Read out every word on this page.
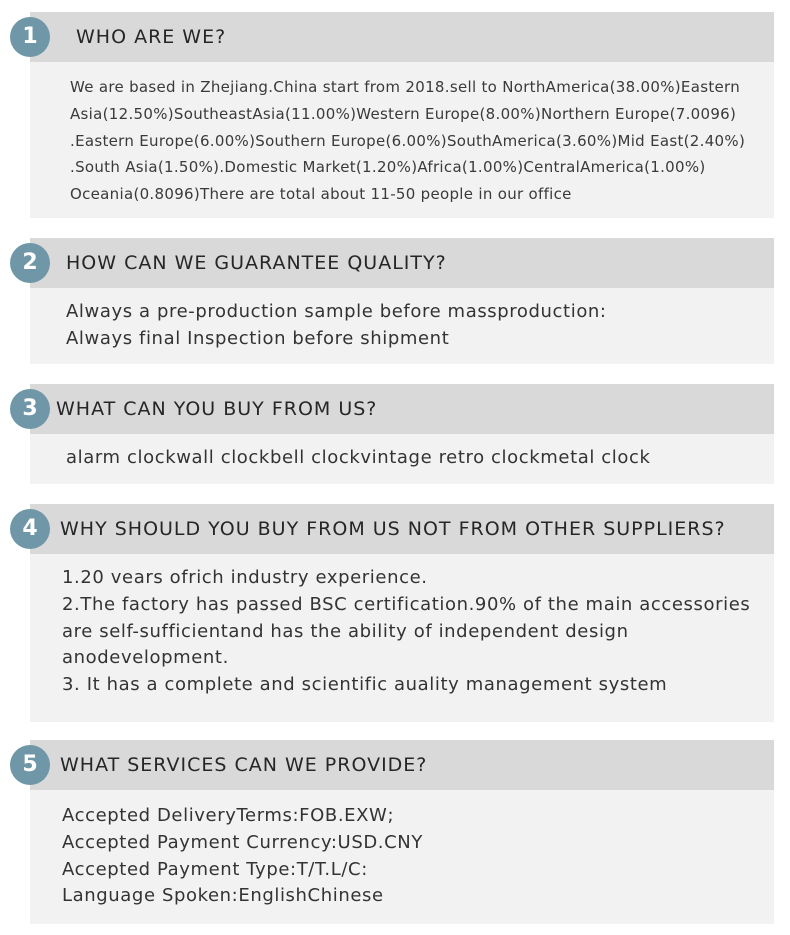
WHO ARE WE?
1
We are based in Zhejiang.China start from 2018.sell to NorthAmerica(38.00%)Eastern
Asia(12.50%)SoutheastAsia(11.00%)Western Europe(8.00%)Northern Europe(7.0096)
.Eastern Europe(6.00%)Southern Europe(6.00%)SouthAmerica(3.60%)Mid East(2.40%)
.South Asia(1.50%).Domestic Market(1.20%)Africa(1.00%)CentralAmerica(1.00%)
Oceania(0.8096)There are total about 11-50 people in our office
HOW CAN WE GUARANTEE QUALITY?
2
Always a pre-production sample before massproduction:
Always final Inspection before shipment
WHAT CAN YOU BUY FROM US?
3
alarm clockwall clockbell clockvintage retro clockmetal clock
WHY SHOULD YOU BUY FROM US NOT FROM OTHER SUPPLIERS?
4
1.20 vears ofrich industry experience.
2.The factory has passed BSC certification.90% of the main accessories
are self-sufficientand has the ability of independent design
anodevelopment.
3. It has a complete and scientific auality management system
WHAT SERVICES CAN WE PROVIDE?
5
Accepted DeliveryTerms:FOB.EXW;
Accepted Payment Currency:USD.CNY
Accepted Payment Type:T/T.L/C:
Language Spoken:EnglishChinese
